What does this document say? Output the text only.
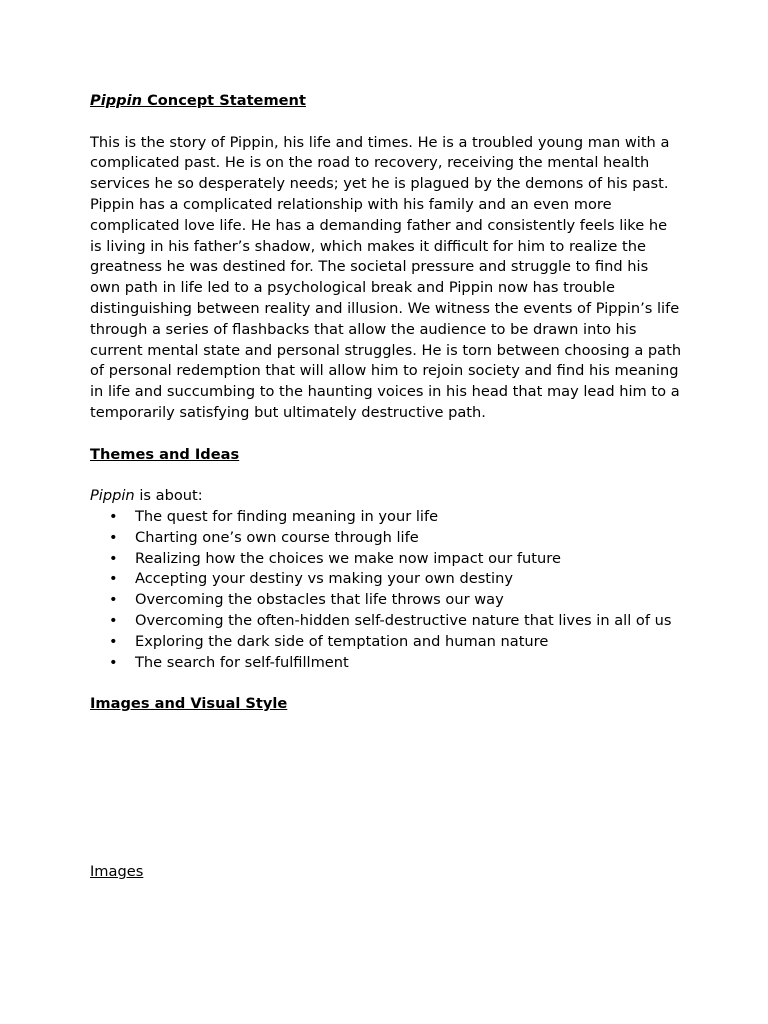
Pippin Concept Statement

This is the story of Pippin, his life and times. He is a troubled young man with a complicated past. He is on the road to recovery, receiving the mental health services he so desperately needs; yet he is plagued by the demons of his past. Pippin has a complicated relationship with his family and an even more complicated love life. He has a demanding father and consistently feels like he is living in his father’s shadow, which makes it difficult for him to realize the greatness he was destined for. The societal pressure and struggle to find his own path in life led to a psychological break and Pippin now has trouble distinguishing between reality and illusion. We witness the events of Pippin’s life through a series of flashbacks that allow the audience to be drawn into his current mental state and personal struggles. He is torn between choosing a path of personal redemption that will allow him to rejoin society and find his meaning in life and succumbing to the haunting voices in his head that may lead him to a temporarily satisfying but ultimately destructive path.

Themes and Ideas

Pippin is about:

• The quest for finding meaning in your life
• Charting one’s own course through life
• Realizing how the choices we make now impact our future
• Accepting your destiny vs making your own destiny
• Overcoming the obstacles that life throws our way
• Overcoming the often-hidden self-destructive nature that lives in all of us
• Exploring the dark side of temptation and human nature
• The search for self-fulfillment

Images and Visual Style

Images
